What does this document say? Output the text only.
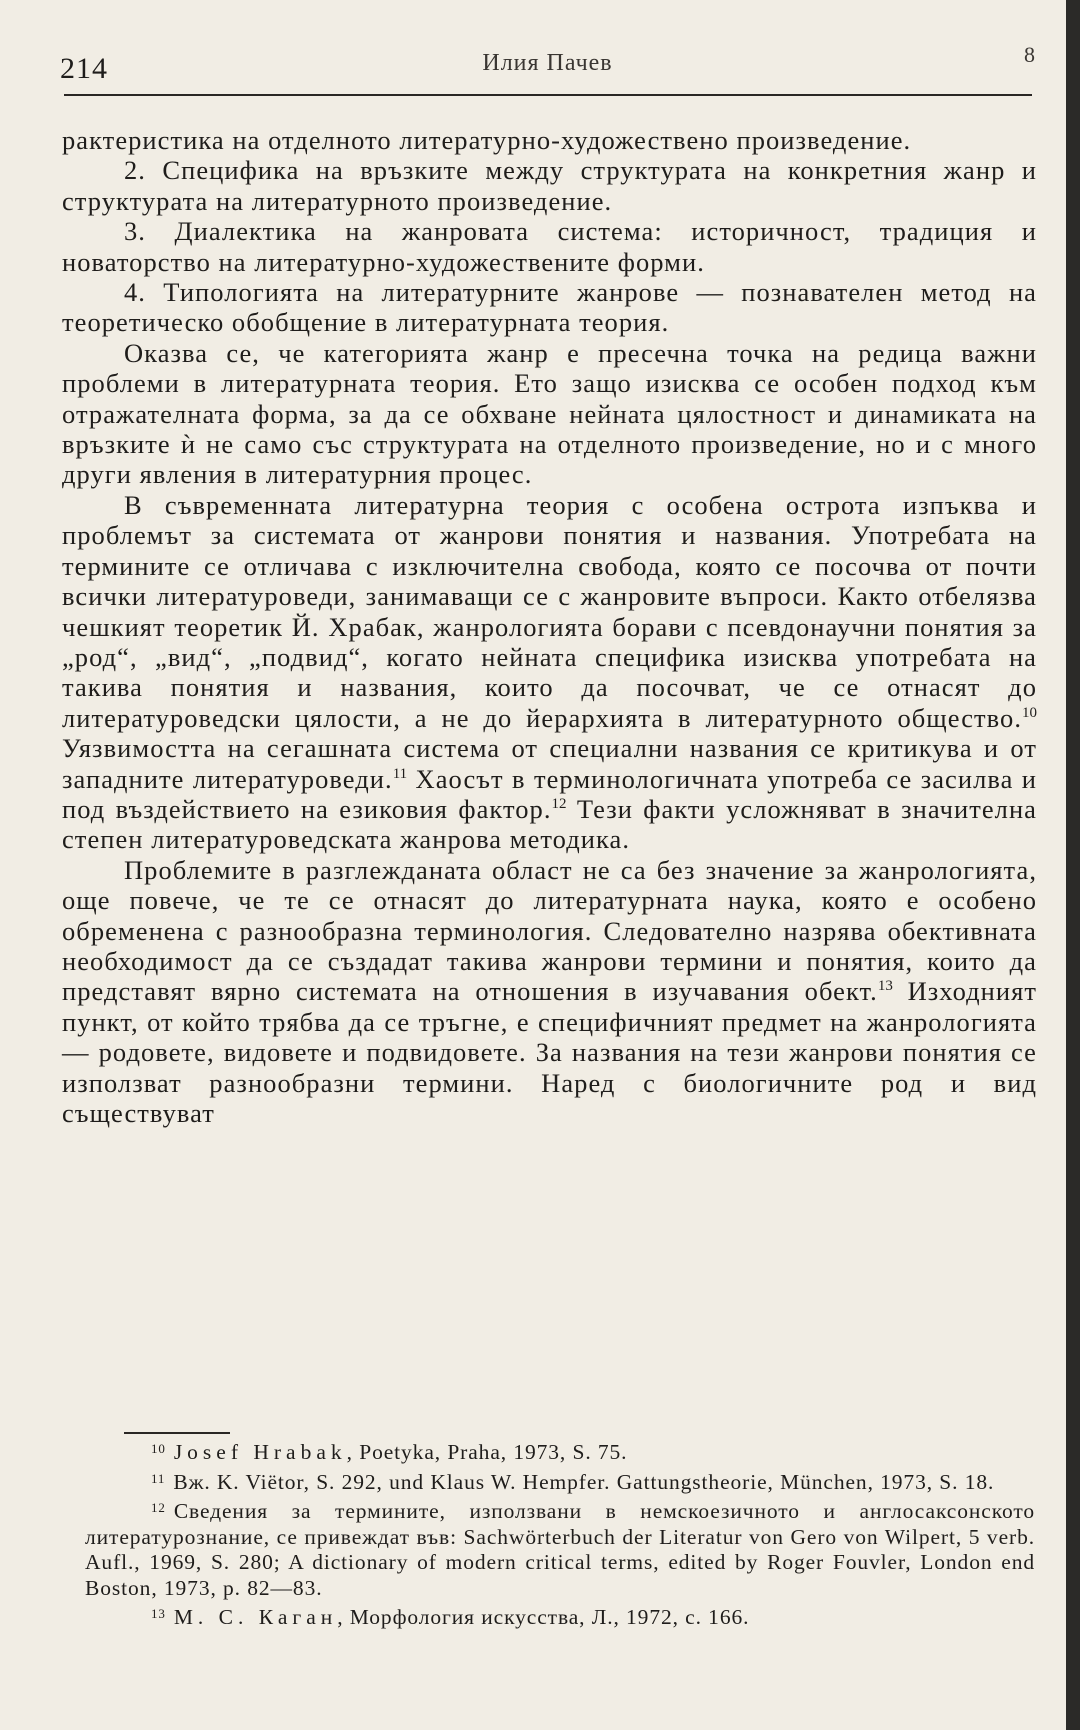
214	Илия Пачев	8

рактеристика на отделното литературно-художествено произведение.

2. Специфика на връзките между структурата на конкретния жанр и структурата на литературното произведение.

3. Диалектика на жанровата система: историчност, традиция и новаторство на литературно-художествените форми.

4. Типологията на литературните жанрове — познавателен метод на теоретическо обобщение в литературната теория.

Оказва се, че категорията жанр е пресечна точка на редица важни проблеми в литературната теория. Ето защо изисква се особен подход към отражателната форма, за да се обхване нейната цялостност и динамиката на връзките ѝ не само със структурата на отделното произведение, но и с много други явления в литературния процес.

В съвременната литературна теория с особена острота изпъква и проблемът за системата от жанрови понятия и названия. Употребата на термините се отличава с изключителна свобода, която се посочва от почти всички литературоведи, занимаващи се с жанровите въпроси. Както отбелязва чешкият теоретик Й. Храбак, жанрологията борави с псевдонаучни понятия за „род“, „вид“, „подвид“, когато нейната специфика изисква употребата на такива понятия и названия, които да посочват, че се отнасят до литературоведски цялости, а не до йерархията в литературното общество.$^{10}$ Уязвимостта на сегашната система от специални названия се критикува и от западните литературоведи.$^{11}$ Хаосът в терминологичната употреба се засилва и под въздействието на езиковия фактор.$^{12}$ Тези факти усложняват в значителна степен литературоведската жанрова методика.

Проблемите в разглежданата област не са без значение за жанрологията, още повече, че те се отнасят до литературната наука, която е особено обременена с разнообразна терминология. Следователно назрява обективната необходимост да се създадат такива жанрови термини и понятия, които да представят вярно системата на отношения в изучавания обект.$^{13}$ Изходният пункт, от който трябва да се тръгне, е специфичният предмет на жанрологията — родовете, видовете и подвидовете. За названия на тези жанрови понятия се използват разнообразни термини. Наред с биологичните род и вид съществуват

$^{10}$ Josef Hrabak, Poetyka, Praha, 1973, S. 75.

$^{11}$ Вж. K. Viëtor, S. 292, und Klaus W. Hempfer. Gattungstheorie, München, 1973, S. 18.

$^{12}$ Сведения за термините, използвани в немскоезичното и англосаксонското литературознание, се привеждат във: Sachwörterbuch der Literatur von Gero von Wilpert, 5 verb. Aufl., 1969, S. 280; A dictionary of modern critical terms, edited by Roger Fouvler, London end Boston, 1973, p. 82—83.

$^{13}$ М. С. Каган, Морфология искусства, Л., 1972, с. 166.
